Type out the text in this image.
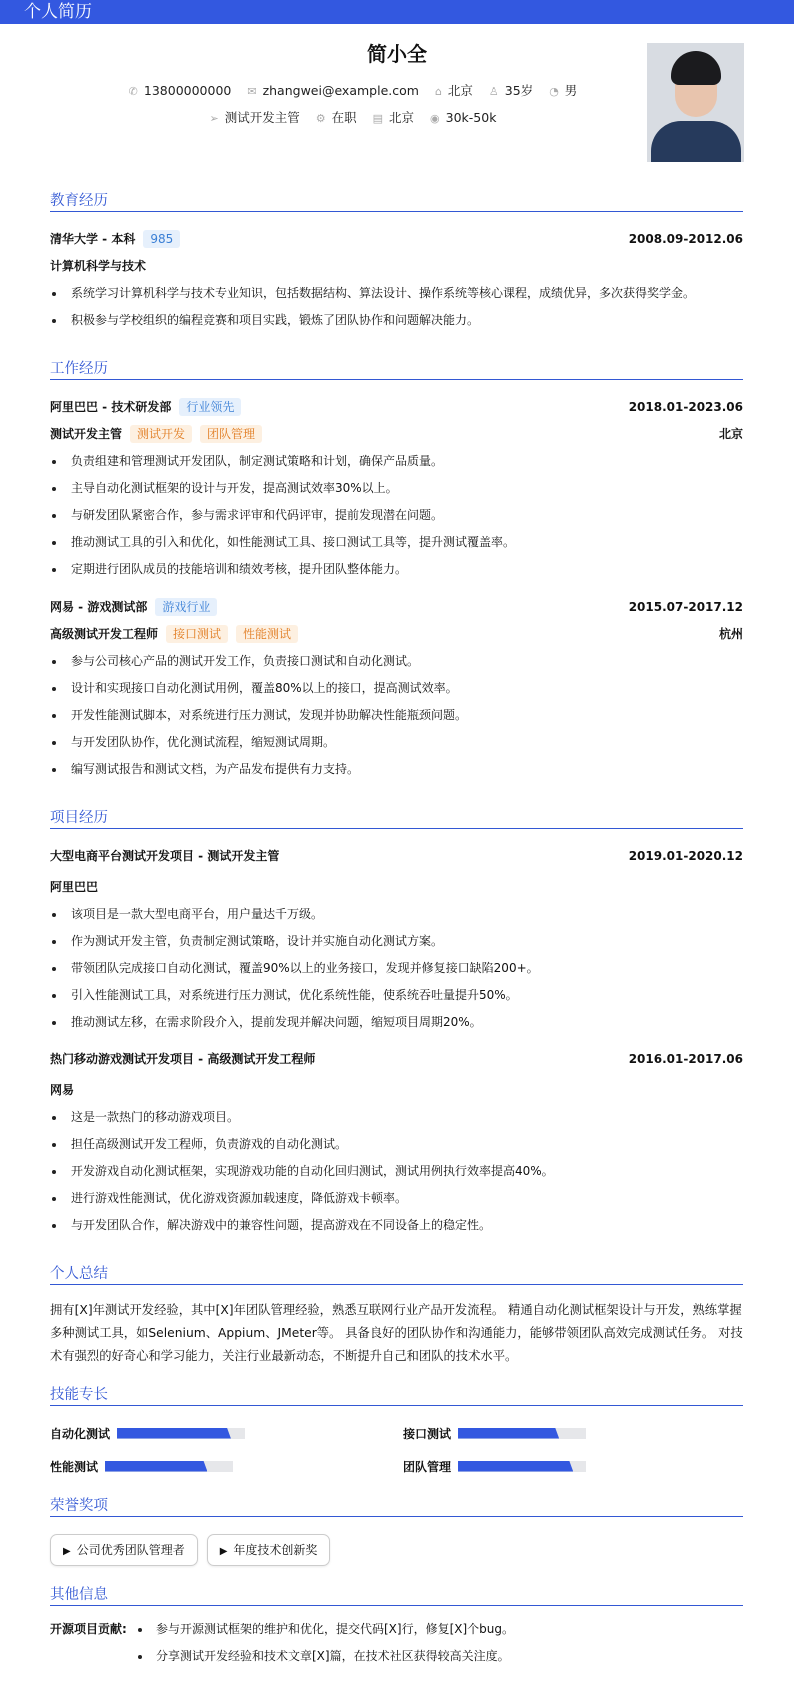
个人简历
简小全
✆ 13800000000 ✉ zhangwei@example.com ⌂ 北京 ♙ 35岁 ◔ 男
➢ 测试开发主管 ⚙ 在职 ▤ 北京 ◉ 30k-50k
教育经历
清华大学 - 本科 985	2008.09-2012.06
计算机科学与技术
系统学习计算机科学与技术专业知识，包括数据结构、算法设计、操作系统等核心课程，成绩优异，多次获得奖学金。
积极参与学校组织的编程竞赛和项目实践，锻炼了团队协作和问题解决能力。
工作经历
阿里巴巴 - 技术研发部 行业领先	2018.01-2023.06
测试开发主管 测试开发 团队管理	北京
负责组建和管理测试开发团队，制定测试策略和计划，确保产品质量。
主导自动化测试框架的设计与开发，提高测试效率30%以上。
与研发团队紧密合作，参与需求评审和代码评审，提前发现潜在问题。
推动测试工具的引入和优化，如性能测试工具、接口测试工具等，提升测试覆盖率。
定期进行团队成员的技能培训和绩效考核，提升团队整体能力。
网易 - 游戏测试部 游戏行业	2015.07-2017.12
高级测试开发工程师 接口测试 性能测试	杭州
参与公司核心产品的测试开发工作，负责接口测试和自动化测试。
设计和实现接口自动化测试用例，覆盖80%以上的接口，提高测试效率。
开发性能测试脚本，对系统进行压力测试，发现并协助解决性能瓶颈问题。
与开发团队协作，优化测试流程，缩短测试周期。
编写测试报告和测试文档，为产品发布提供有力支持。
项目经历
大型电商平台测试开发项目 - 测试开发主管	2019.01-2020.12
阿里巴巴
该项目是一款大型电商平台，用户量达千万级。
作为测试开发主管，负责制定测试策略，设计并实施自动化测试方案。
带领团队完成接口自动化测试，覆盖90%以上的业务接口，发现并修复接口缺陷200+。
引入性能测试工具，对系统进行压力测试，优化系统性能，使系统吞吐量提升50%。
推动测试左移，在需求阶段介入，提前发现并解决问题，缩短项目周期20%。
热门移动游戏测试开发项目 - 高级测试开发工程师	2016.01-2017.06
网易
这是一款热门的移动游戏项目。
担任高级测试开发工程师，负责游戏的自动化测试。
开发游戏自动化测试框架，实现游戏功能的自动化回归测试，测试用例执行效率提高40%。
进行游戏性能测试，优化游戏资源加载速度，降低游戏卡顿率。
与开发团队合作，解决游戏中的兼容性问题，提高游戏在不同设备上的稳定性。
个人总结
拥有[X]年测试开发经验，其中[X]年团队管理经验，熟悉互联网行业产品开发流程。 精通自动化测试框架设计与开发，熟练掌握多种测试工具，如Selenium、Appium、JMeter等。 具备良好的团队协作和沟通能力，能够带领团队高效完成测试任务。 对技术有强烈的好奇心和学习能力，关注行业最新动态，不断提升自己和团队的技术水平。
技能专长
自动化测试	接口测试
性能测试	团队管理
荣誉奖项
▶ 公司优秀团队管理者	▶ 年度技术创新奖
其他信息
开源项目贡献:	参与开源测试框架的维护和优化，提交代码[X]行，修复[X]个bug。
分享测试开发经验和技术文章[X]篇，在技术社区获得较高关注度。
